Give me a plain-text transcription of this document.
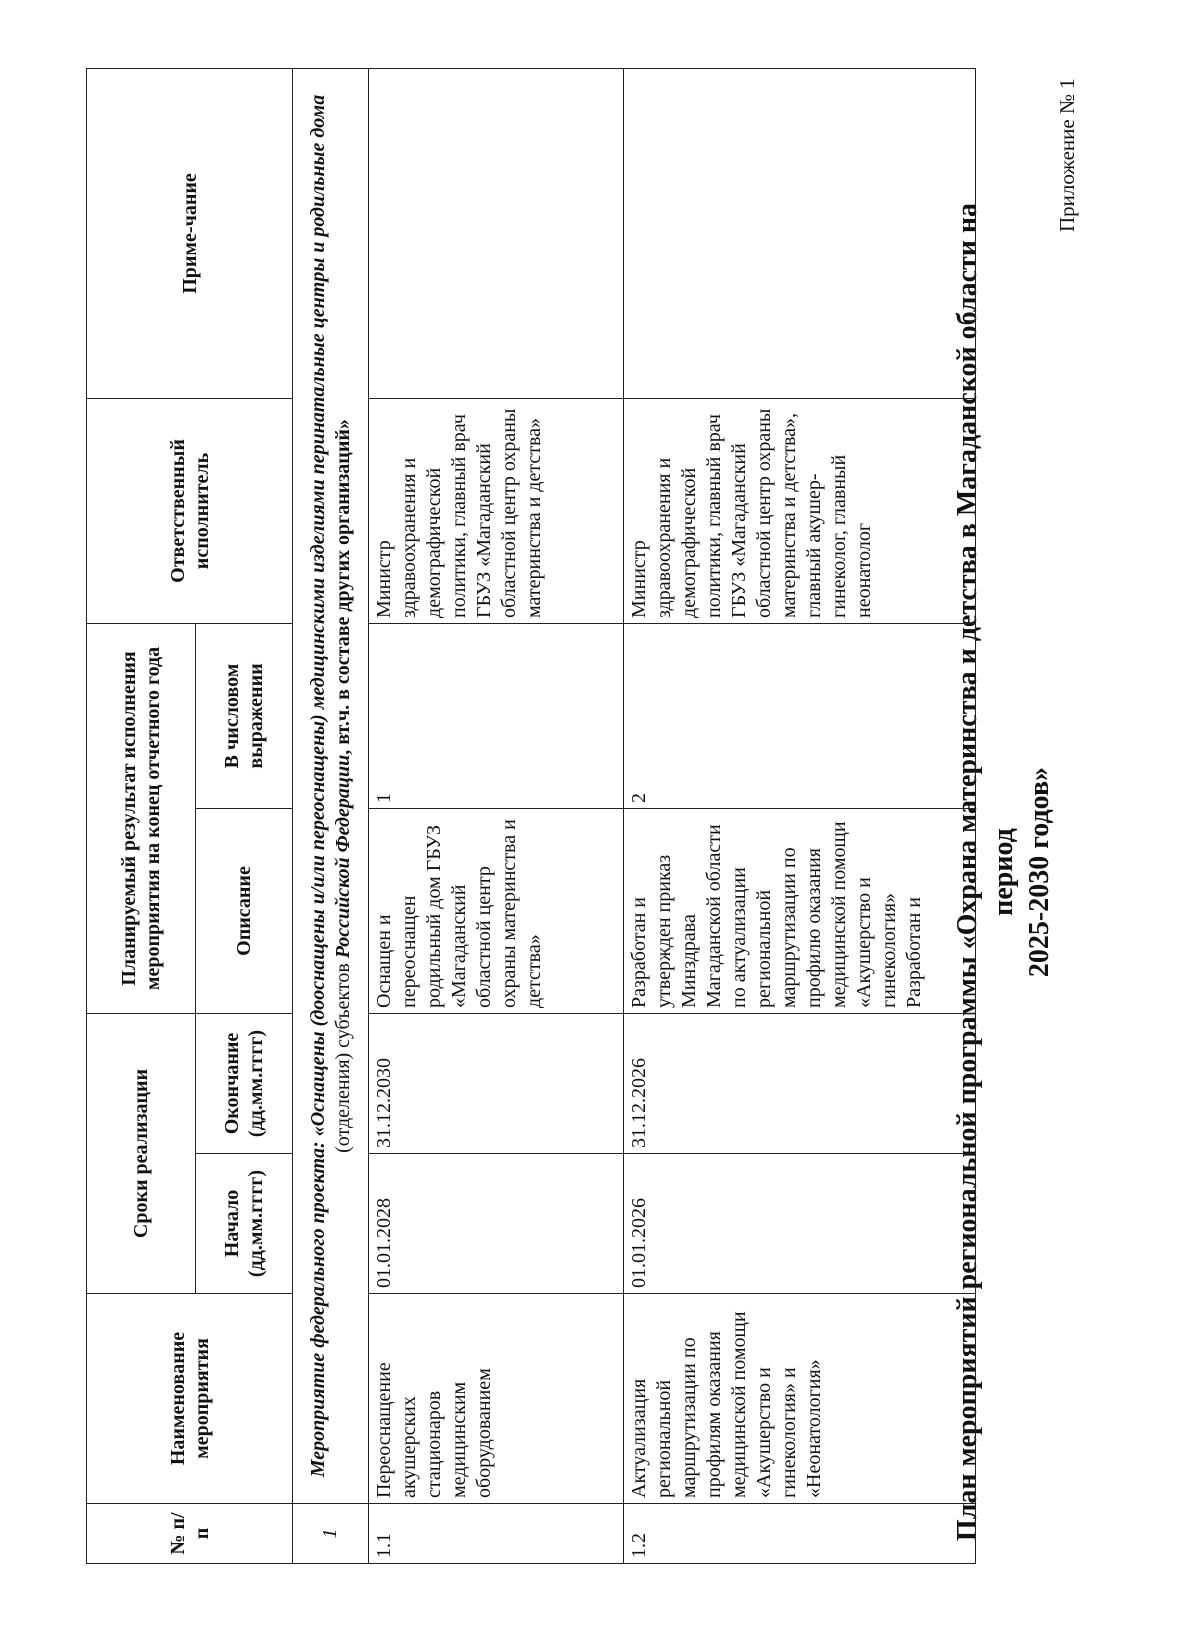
Приложение № 1
План мероприятий региональной программы «Охрана материнства и детства в Магаданской области на период 2025-2030 годов»
№ п/п	Наименование мероприятия	Сроки реализации		Планируемый результат исполнения мероприятия на конец отчетного года		Ответственный исполнитель	Приме-чание
		Начало (дд.мм.гггг)	Окончание (дд.мм.гггг)	Описание	В числовом выражении		
1	Мероприятие федерального проекта: «Оснащены (дооснащены и/или переоснащены) медицинскими изделиями перинатальные центры и родильные дома (отделения) субъектов Российской Федерации, вт.ч. в составе других организаций»						
1.1	Переоснащение акушерских стационаров медицинским оборудованием	01.01.2028	31.12.2030	Оснащен и переоснащен родильный дом ГБУЗ «Магаданский областной центр охраны материнства и детства»	1	Министр здравоохранения и демографической политики, главный врач ГБУЗ «Магаданский областной центр охраны материнства и детства»	
1.2	Актуализация региональной маршрутизации по профилям оказания медицинской помощи «Акушерство и гинекология» и «Неонатология»	01.01.2026	31.12.2026	Разработан и утвержден приказ Минздрава Магаданской области по актуализации региональной маршрутизации по профилю оказания медицинской помощи «Акушерство и гинекология» Разработан и	2	Министр здравоохранения и демографической политики, главный врач ГБУЗ «Магаданский областной центр охраны материнства и детства», главный акушер-гинеколог, главный неонатолог	
